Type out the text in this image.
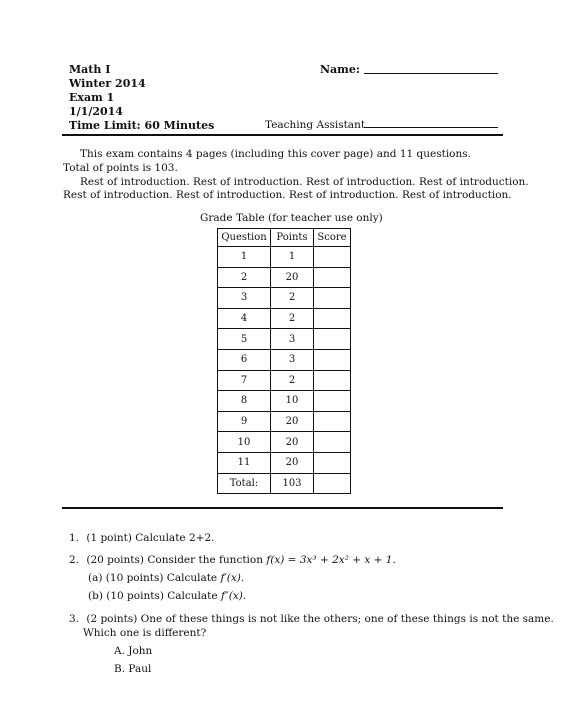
Math I
Winter 2014
Exam 1
1/1/2014
Time Limit: 60 Minutes
Name:
Teaching Assistant
This exam contains 4 pages (including this cover page) and 11 questions.
Total of points is 103.
Rest of introduction. Rest of introduction. Rest of introduction. Rest of introduction.
Rest of introduction. Rest of introduction. Rest of introduction. Rest of introduction.
Grade Table (for teacher use only)
Question	Points	Score
1	1	
2	20	
3	2	
4	2	
5	3	
6	3	
7	2	
8	10	
9	20	
10	20	
11	20	
Total:	103	
1. (1 point) Calculate 2+2.
2. (20 points) Consider the function f(x) = 3x³ + 2x² + x + 1.
(a) (10 points) Calculate f′(x).
(b) (10 points) Calculate f″(x).
3. (2 points) One of these things is not like the others; one of these things is not the same.
Which one is different?
A. John
B. Paul
